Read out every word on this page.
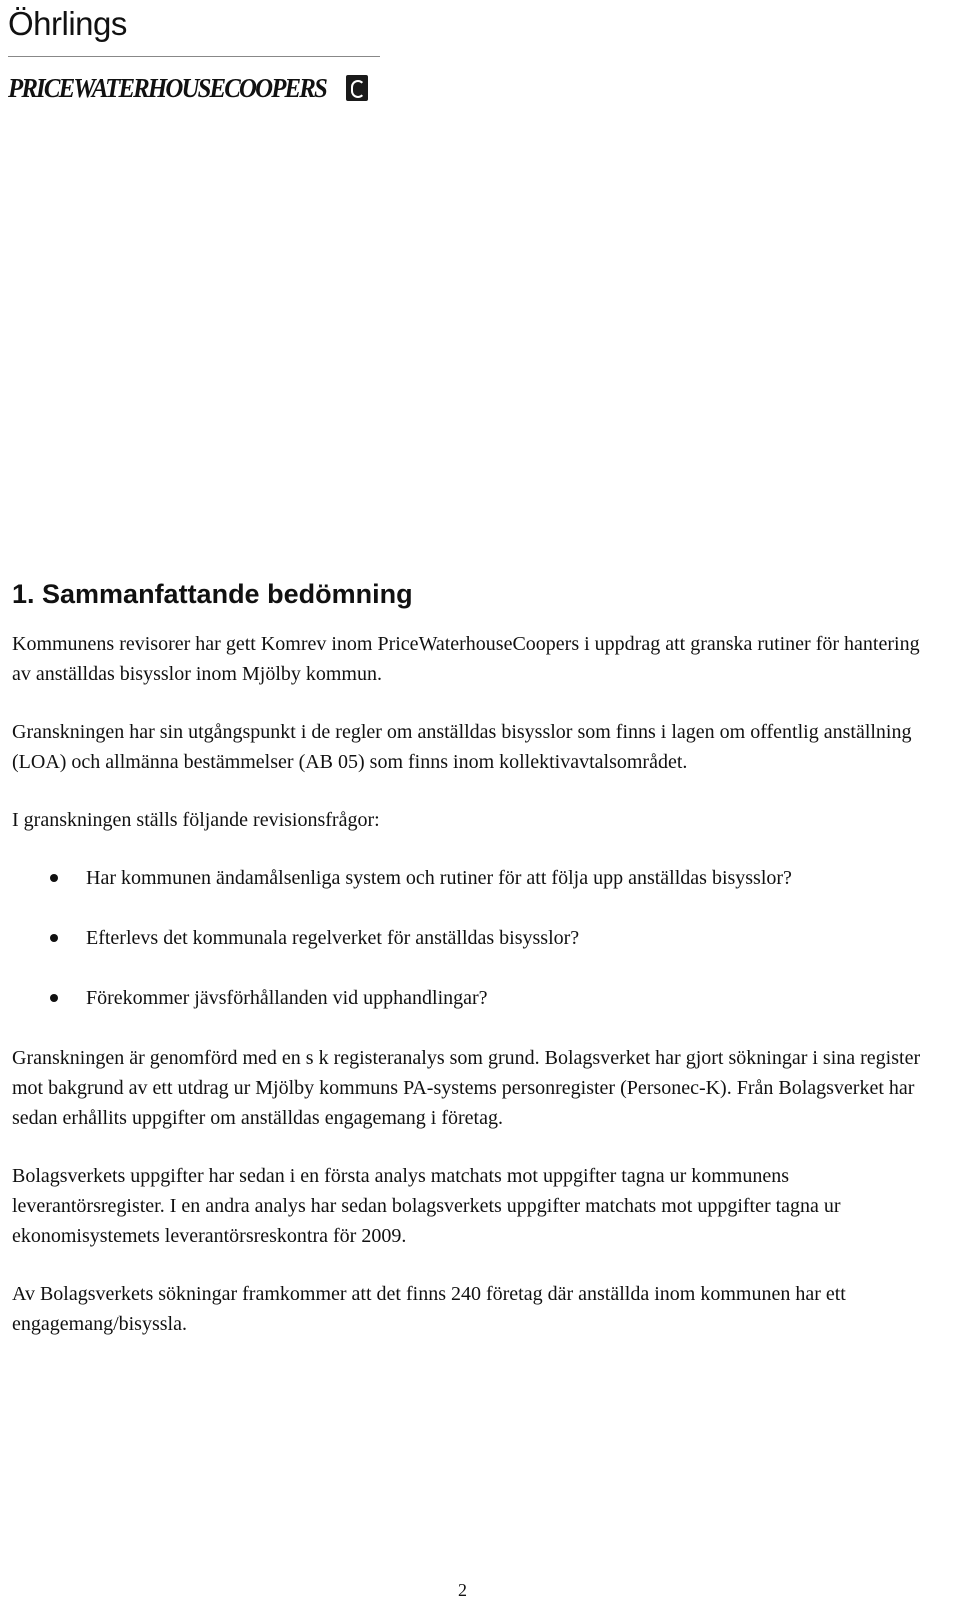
Öhrlings

PRICEWATERHOUSECOOPERS
1. Sammanfattande bedömning

Kommunens revisorer har gett Komrev inom PriceWaterhouseCoopers i uppdrag att granska rutiner för hantering av anställdas bisysslor inom Mjölby kommun.

Granskningen har sin utgångspunkt i de regler om anställdas bisysslor som finns i lagen om offentlig anställning (LOA) och allmänna bestämmelser (AB 05) som finns inom kollektivavtalsområdet.

I granskningen ställs följande revisionsfrågor:

Har kommunen ändamålsenliga system och rutiner för att följa upp anställdas bisysslor?
Efterlevs det kommunala regelverket för anställdas bisysslor?
Förekommer jävsförhållanden vid upphandlingar?

Granskningen är genomförd med en s k registeranalys som grund. Bolagsverket har gjort sökningar i sina register mot bakgrund av ett utdrag ur Mjölby kommuns PA-systems personregister (Personec-K). Från Bolagsverket har sedan erhållits uppgifter om anställdas engagemang i företag.

Bolagsverkets uppgifter har sedan i en första analys matchats mot uppgifter tagna ur kommunens leverantörsregister. I en andra analys har sedan bolagsverkets uppgifter matchats mot uppgifter tagna ur ekonomisystemets leverantörsreskontra för 2009.

Av Bolagsverkets sökningar framkommer att det finns 240 företag där anställda inom kommunen har ett engagemang/bisyssla.

2
